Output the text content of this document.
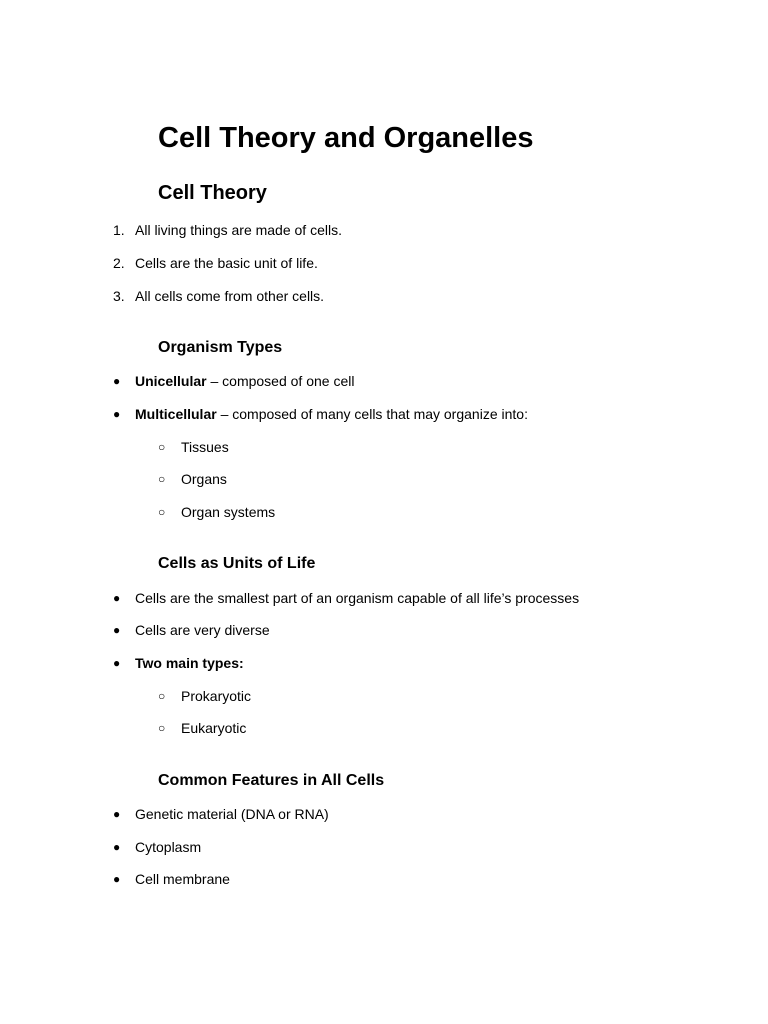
Cell Theory and Organelles
Cell Theory
1. All living things are made of cells.
2. Cells are the basic unit of life.
3. All cells come from other cells.
Organism Types
● Unicellular – composed of one cell
● Multicellular – composed of many cells that may organize into:
○ Tissues
○ Organs
○ Organ systems
Cells as Units of Life
● Cells are the smallest part of an organism capable of all life’s processes
● Cells are very diverse
● Two main types:
○ Prokaryotic
○ Eukaryotic
Common Features in All Cells
● Genetic material (DNA or RNA)
● Cytoplasm
● Cell membrane
